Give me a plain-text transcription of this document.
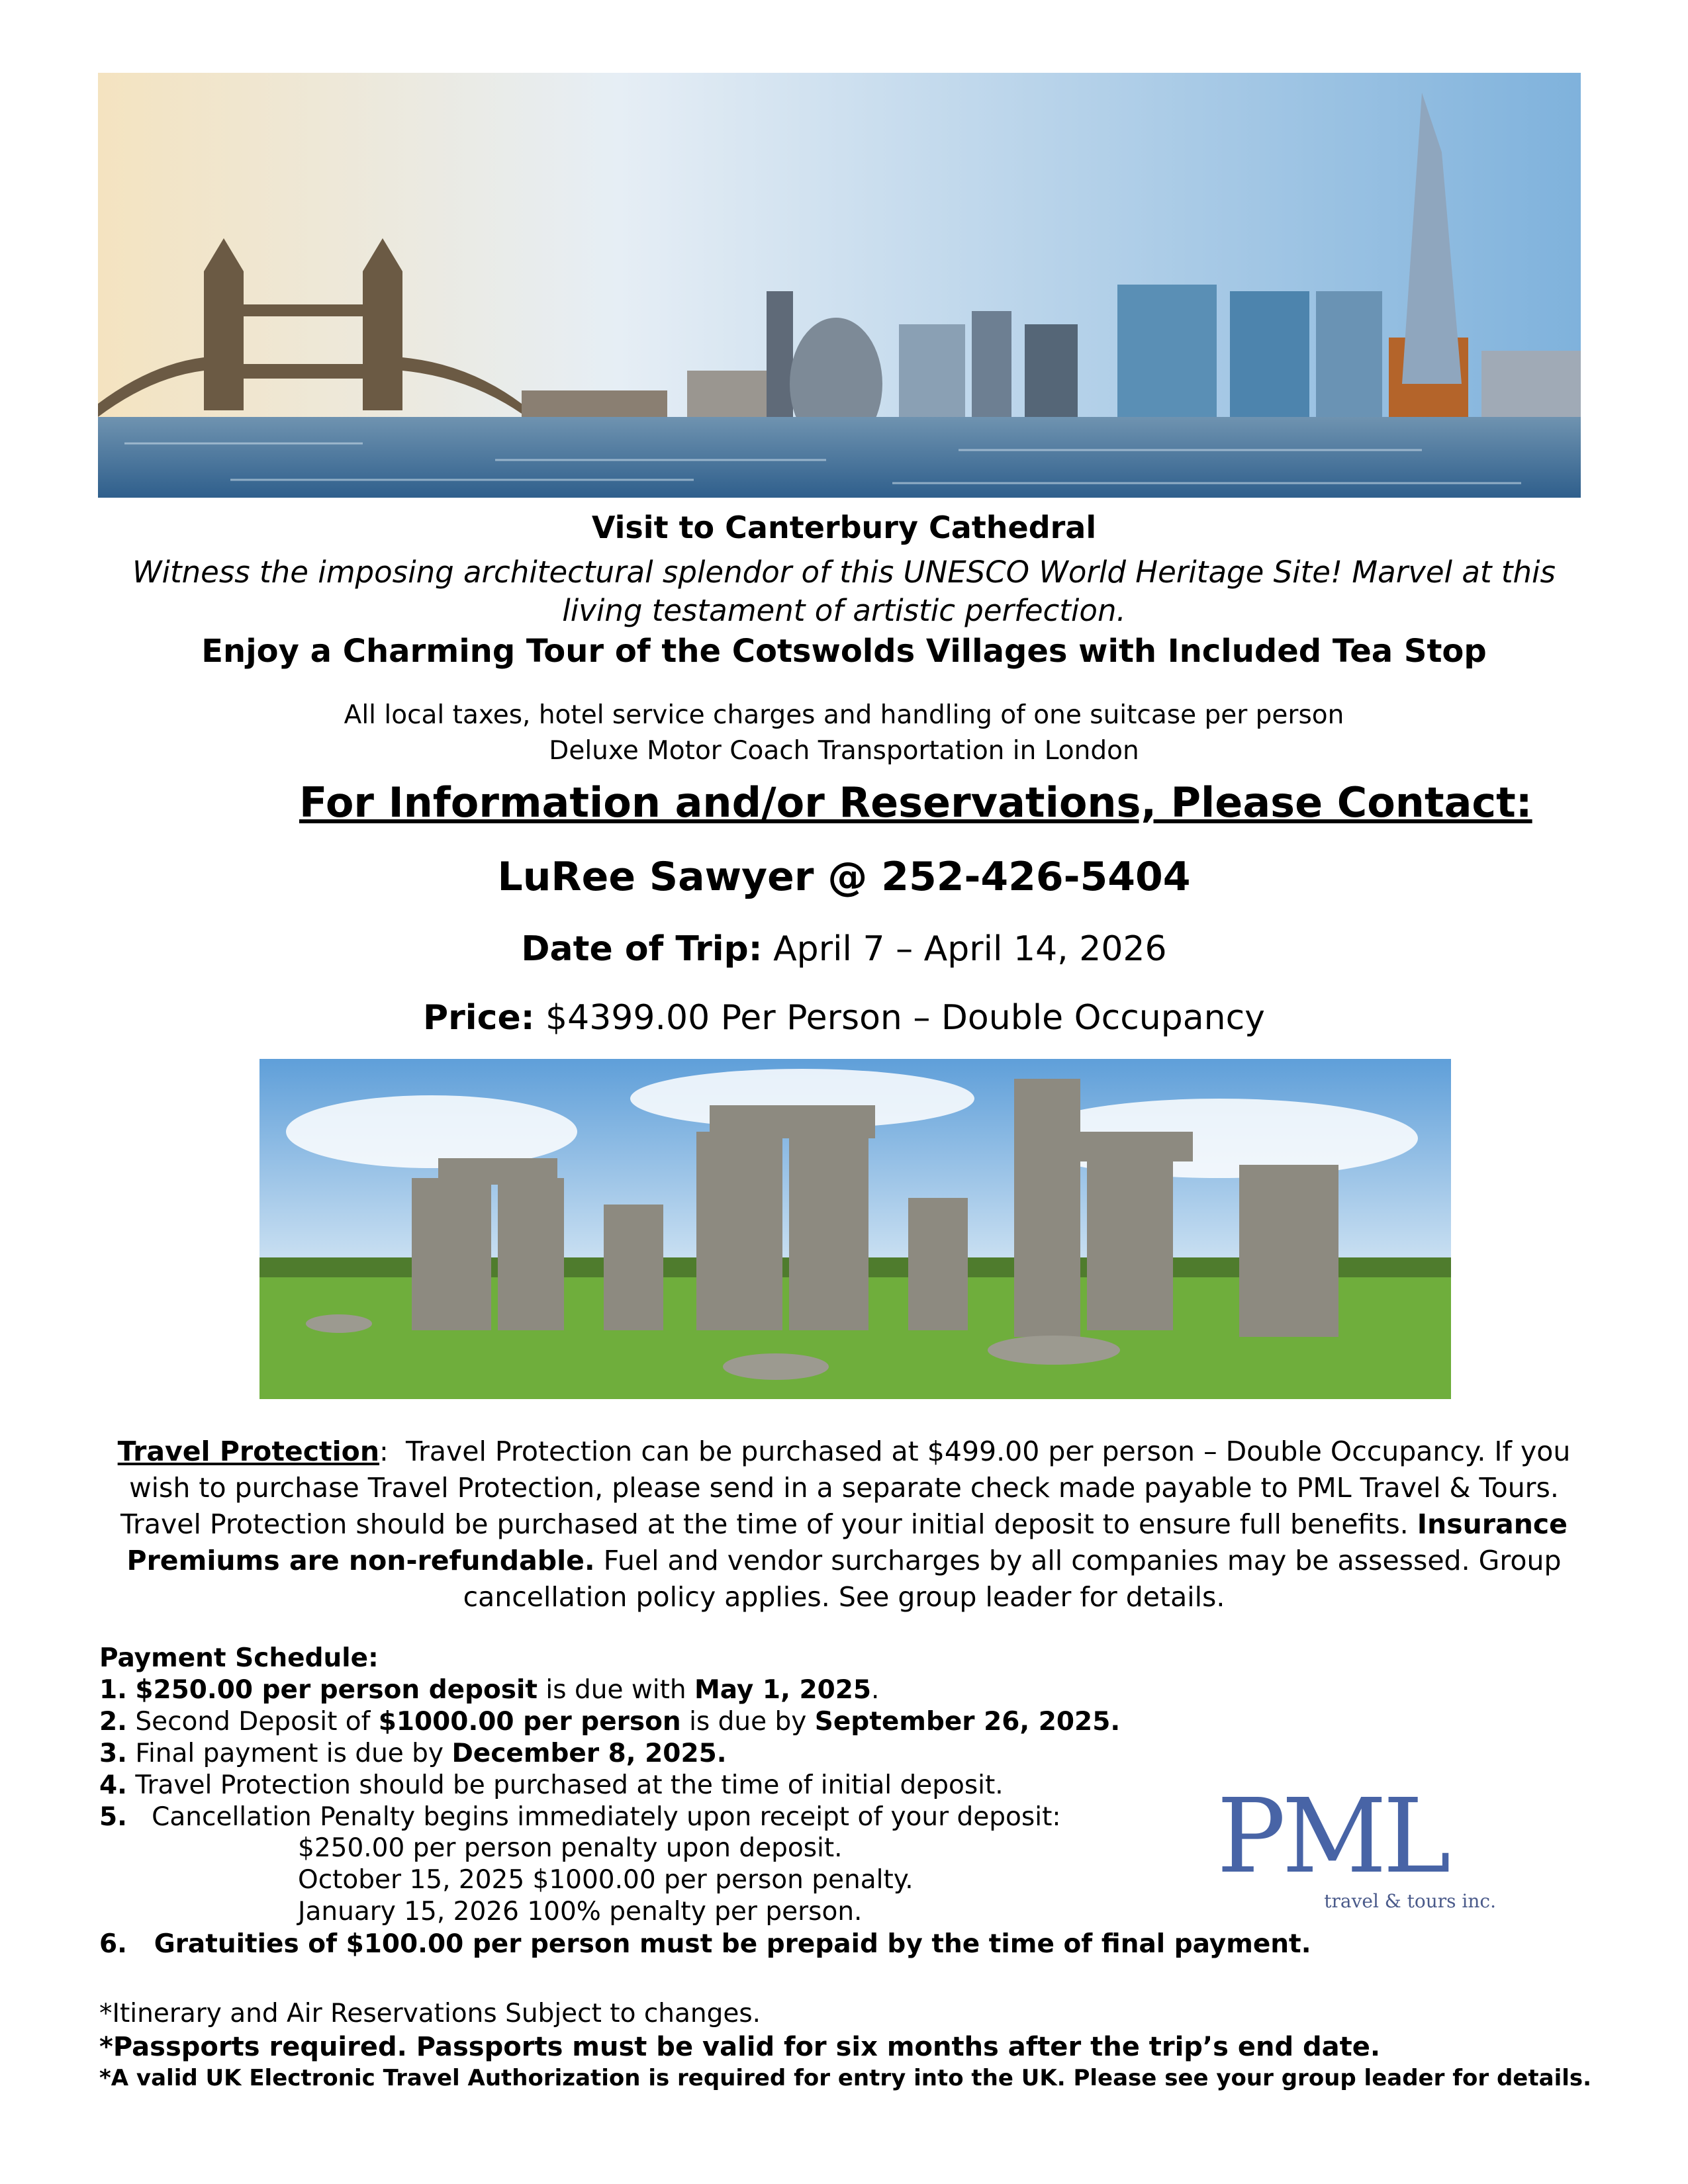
Visit to Canterbury Cathedral
Witness the imposing architectural splendor of this UNESCO World Heritage Site! Marvel at this living testament of artistic perfection.
Enjoy a Charming Tour of the Cotswolds Villages with Included Tea Stop
All local taxes, hotel service charges and handling of one suitcase per person
Deluxe Motor Coach Transportation in London
For Information and/or Reservations, Please Contact:
LuRee Sawyer @ 252-426-5404
Date of Trip: April 7 – April 14, 2026
Price: $4399.00 Per Person – Double Occupancy
Travel Protection: Travel Protection can be purchased at $499.00 per person – Double Occupancy. If you wish to purchase Travel Protection, please send in a separate check made payable to PML Travel & Tours. Travel Protection should be purchased at the time of your initial deposit to ensure full benefits. Insurance Premiums are non-refundable. Fuel and vendor surcharges by all companies may be assessed. Group cancellation policy applies. See group leader for details.
Payment Schedule:
1. $250.00 per person deposit is due with May 1, 2025.
2. Second Deposit of $1000.00 per person is due by September 26, 2025.
3. Final payment is due by December 8, 2025.
4. Travel Protection should be purchased at the time of initial deposit.
5. Cancellation Penalty begins immediately upon receipt of your deposit:
$250.00 per person penalty upon deposit.
October 15, 2025 $1000.00 per person penalty.
January 15, 2026 100% penalty per person.
6. Gratuities of $100.00 per person must be prepaid by the time of final payment.
*Itinerary and Air Reservations Subject to changes.
*Passports required. Passports must be valid for six months after the trip’s end date.
*A valid UK Electronic Travel Authorization is required for entry into the UK. Please see your group leader for details.
PML
travel & tours inc.
